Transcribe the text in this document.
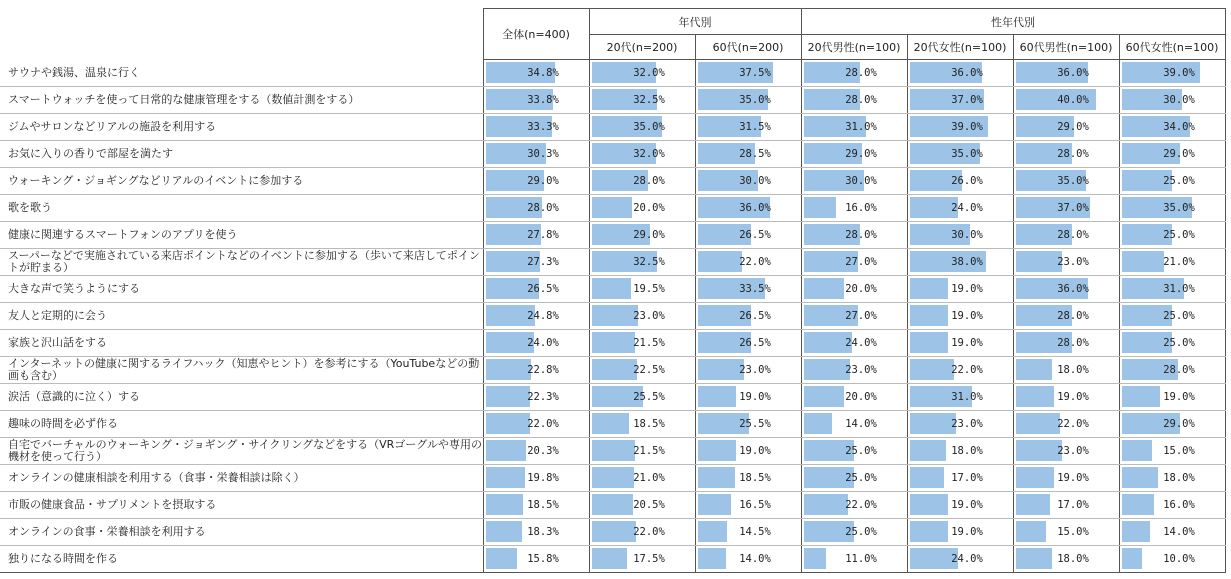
	全体(n=400)	年代別		性年代別			
		20代(n=200)	60代(n=200)	20代男性(n=100)	20代女性(n=100)	60代男性(n=100)	60代女性(n=100)
サウナや銭湯、温泉に行く	34.8%	32.0%	37.5%	28.0%	36.0%	36.0%	39.0%

スマートウォッチを使って日常的な健康管理をする（数値計測をする）	33.8%	32.5%	35.0%	28.0%	37.0%	40.0%	30.0%

ジムやサロンなどリアルの施設を利用する	33.3%	35.0%	31.5%	31.0%	39.0%	29.0%	34.0%

お気に入りの香りで部屋を満たす	30.3%	32.0%	28.5%	29.0%	35.0%	28.0%	29.0%

ウォーキング・ジョギングなどリアルのイベントに参加する	29.0%	28.0%	30.0%	30.0%	26.0%	35.0%	25.0%

歌を歌う	28.0%	20.0%	36.0%	16.0%	24.0%	37.0%	35.0%

健康に関連するスマートフォンのアプリを使う	27.8%	29.0%	26.5%	28.0%	30.0%	28.0%	25.0%

スーパーなどで実施されている来店ポイントなどのイベントに参加する（歩いて来店してポイントが貯まる）	27.3%	32.5%	22.0%	27.0%	38.0%	23.0%	21.0%

大きな声で笑うようにする	26.5%	19.5%	33.5%	20.0%	19.0%	36.0%	31.0%

友人と定期的に会う	24.8%	23.0%	26.5%	27.0%	19.0%	28.0%	25.0%

家族と沢山話をする	24.0%	21.5%	26.5%	24.0%	19.0%	28.0%	25.0%

インターネットの健康に関するライフハック（知恵やヒント）を参考にする（YouTubeなどの動画も含む）	22.8%	22.5%	23.0%	23.0%	22.0%	18.0%	28.0%

涙活（意識的に泣く）する	22.3%	25.5%	19.0%	20.0%	31.0%	19.0%	19.0%

趣味の時間を必ず作る	22.0%	18.5%	25.5%	14.0%	23.0%	22.0%	29.0%

自宅でバーチャルのウォーキング・ジョギング・サイクリングなどをする（VRゴーグルや専用の機材を使って行う）	20.3%	21.5%	19.0%	25.0%	18.0%	23.0%	15.0%

オンラインの健康相談を利用する（食事・栄養相談は除く）	19.8%	21.0%	18.5%	25.0%	17.0%	19.0%	18.0%

市販の健康食品・サプリメントを摂取する	18.5%	20.5%	16.5%	22.0%	19.0%	17.0%	16.0%

オンラインの食事・栄養相談を利用する	18.3%	22.0%	14.5%	25.0%	19.0%	15.0%	14.0%

独りになる時間を作る	15.8%	17.5%	14.0%	11.0%	24.0%	18.0%	10.0%
